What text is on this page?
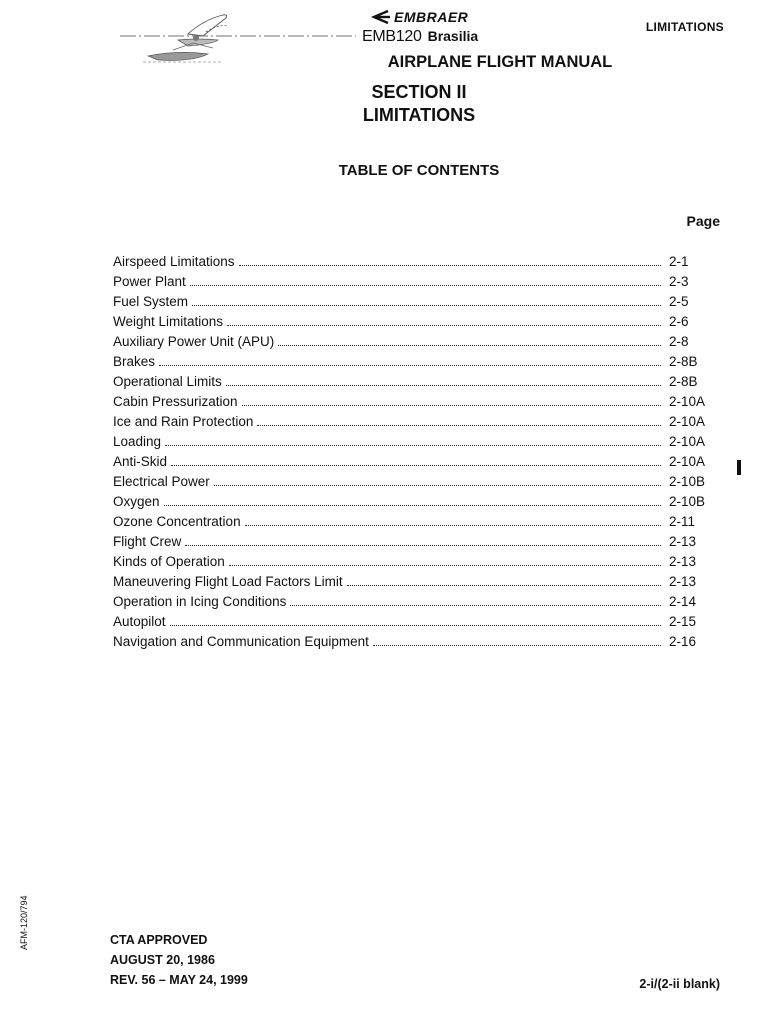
EMBRAER
EMB120 Brasilia
LIMITATIONS
AIRPLANE FLIGHT MANUAL
SECTION II
LIMITATIONS
TABLE OF CONTENTS
Page
Airspeed Limitations	2-1
Power Plant	2-3
Fuel System	2-5
Weight Limitations	2-6
Auxiliary Power Unit (APU)	2-8
Brakes	2-8B
Operational Limits	2-8B
Cabin Pressurization	2-10A
Ice and Rain Protection	2-10A
Loading	2-10A
Anti-Skid	2-10A
Electrical Power	2-10B
Oxygen	2-10B
Ozone Concentration	2-11
Flight Crew	2-13
Kinds of Operation	2-13
Maneuvering Flight Load Factors Limit	2-13
Operation in Icing Conditions	2-14
Autopilot	2-15
Navigation and Communication Equipment	2-16
AFM-120/794	CTA APPROVED
AUGUST 20, 1986
REV. 56 – MAY 24, 1999	2-i/(2-ii blank)
